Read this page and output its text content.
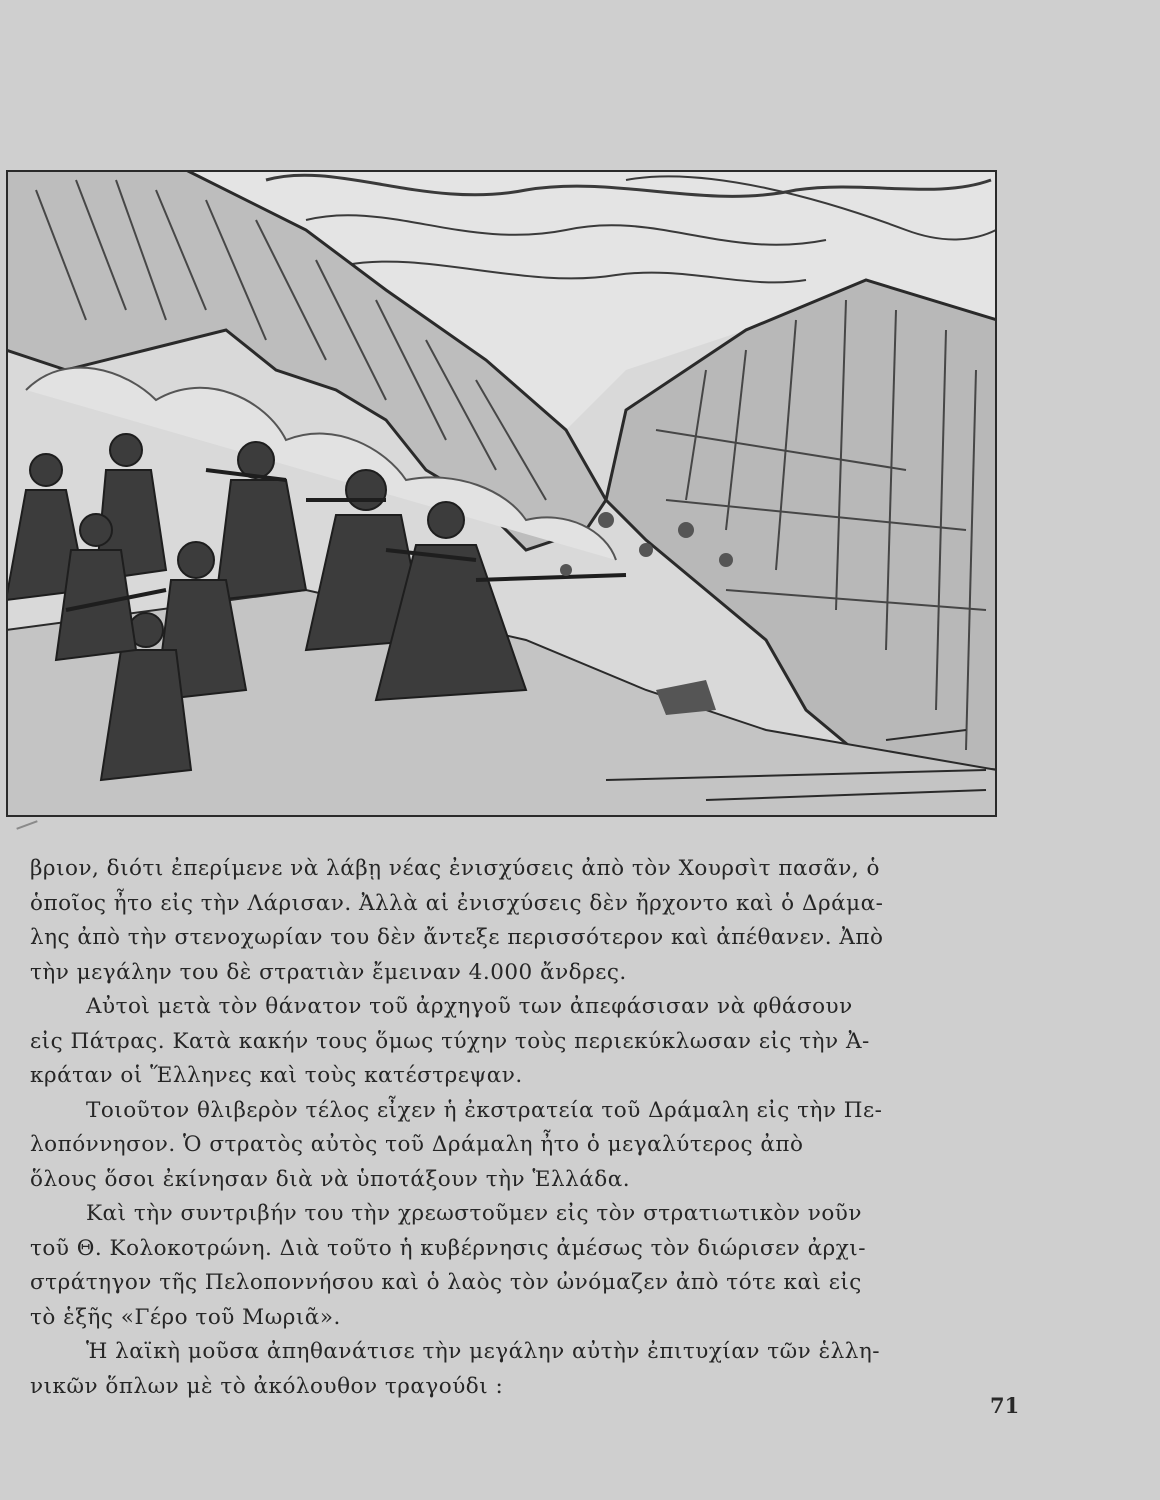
βριον, διότι ἐπερίμενε νὰ λάβῃ νέας ἐνισχύσεις ἀπὸ τὸν Χουρσὶτ πασᾶν, ὁ
ὁποῖος ἦτο εἰς τὴν Λάρισαν. Ἀλλὰ αἱ ἐνισχύσεις δὲν ἤρχοντο καὶ ὁ Δράμα-
λης ἀπὸ τὴν στενοχωρίαν του δὲν ἄντεξε περισσότερον καὶ ἀπέθανεν. Ἀπὸ
τὴν μεγάλην του δὲ στρατιὰν ἔμειναν 4.000 ἄνδρες.

Αὐτοὶ μετὰ τὸν θάνατον τοῦ ἀρχηγοῦ των ἀπεφάσισαν νὰ φθάσουν
εἰς Πάτρας. Κατὰ κακήν τους ὅμως τύχην τοὺς περιεκύκλωσαν εἰς τὴν Ἀ-
κράταν οἱ Ἕλληνες καὶ τοὺς κατέστρεψαν.

Τοιοῦτον θλιβερὸν τέλος εἶχεν ἡ ἐκστρατεία τοῦ Δράμαλη εἰς τὴν Πε-
λοπόννησον. Ὁ στρατὸς αὐτὸς τοῦ Δράμαλη ἦτο ὁ μεγαλύτερος ἀπὸ
ὅλους ὅσοι ἐκίνησαν διὰ νὰ ὑποτάξουν τὴν Ἑλλάδα.

Καὶ τὴν συντριβήν του τὴν χρεωστοῦμεν εἰς τὸν στρατιωτικὸν νοῦν
τοῦ Θ. Κολοκοτρώνη. Διὰ τοῦτο ἡ κυβέρνησις ἀμέσως τὸν διώρισεν ἀρχι-
στράτηγον τῆς Πελοποννήσου καὶ ὁ λαὸς τὸν ὠνόμαζεν ἀπὸ τότε καὶ εἰς
τὸ ἑξῆς «Γέρο τοῦ Μωριᾶ».

Ἡ λαϊκὴ μοῦσα ἀπηθανάτισε τὴν μεγάλην αὐτὴν ἐπιτυχίαν τῶν ἑλλη-
νικῶν ὅπλων μὲ τὸ ἀκόλουθον τραγούδι :

71
